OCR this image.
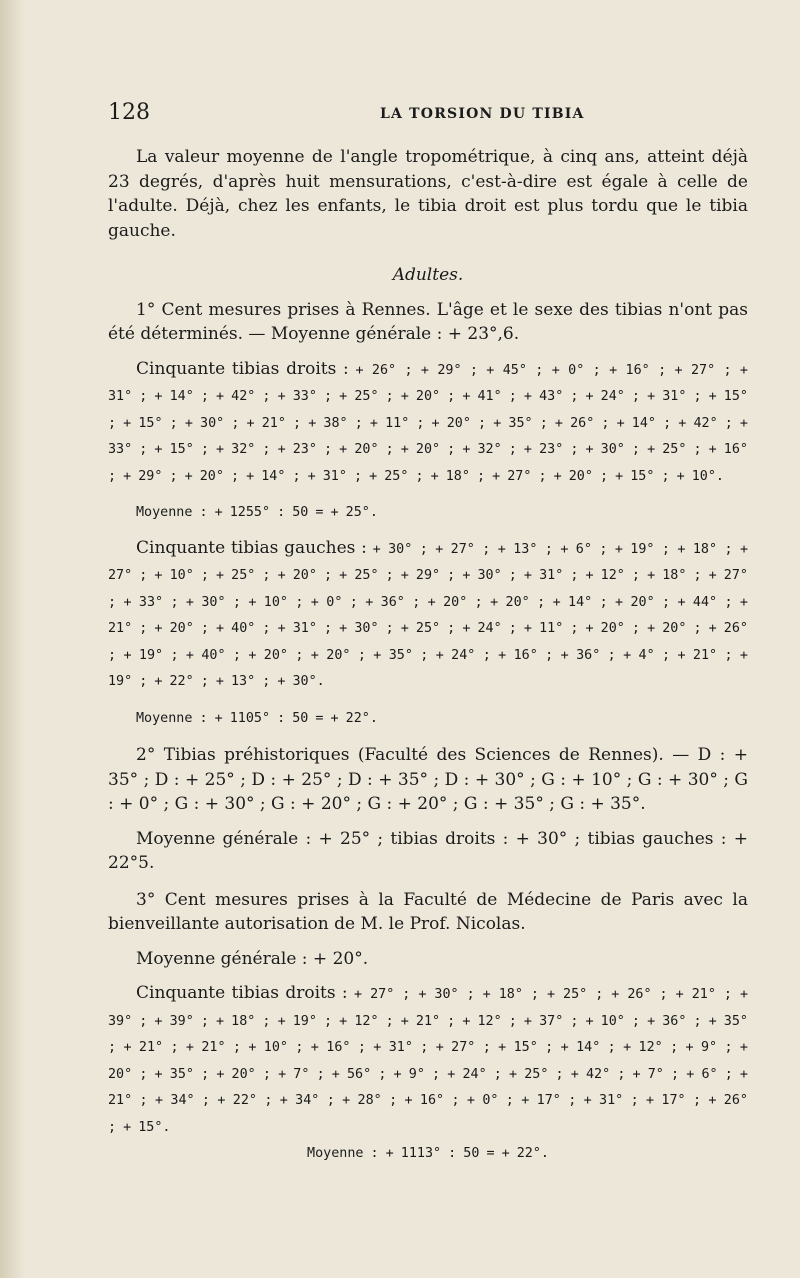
128	LA TORSION DU TIBIA

La valeur moyenne de l'angle tropométrique, à cinq ans, atteint déjà 23 degrés, d'après huit mensurations, c'est-à-dire est égale à celle de l'adulte. Déjà, chez les enfants, le tibia droit est plus tordu que le tibia gauche.

Adultes.

1° Cent mesures prises à Rennes. L'âge et le sexe des tibias n'ont pas été déterminés. — Moyenne générale : + 23°,6.

Cinquante tibias droits : + 26° ; + 29° ; + 45° ; + 0° ; + 16° ; + 27° ; + 31° ; + 14° ; + 42° ; + 33° ; + 25° ; + 20° ; + 41° ; + 43° ; + 24° ; + 31° ; + 15° ; + 15° ; + 30° ; + 21° ; + 38° ; + 11° ; + 20° ; + 35° ; + 26° ; + 14° ; + 42° ; + 33° ; + 15° ; + 32° ; + 23° ; + 20° ; + 20° ; + 32° ; + 23° ; + 30° ; + 25° ; + 16° ; + 29° ; + 20° ; + 14° ; + 31° ; + 25° ; + 18° ; + 27° ; + 20° ; + 15° ; + 10°.

Moyenne : + 1255° : 50 = + 25°.

Cinquante tibias gauches : + 30° ; + 27° ; + 13° ; + 6° ; + 19° ; + 18° ; + 27° ; + 10° ; + 25° ; + 20° ; + 25° ; + 29° ; + 30° ; + 31° ; + 12° ; + 18° ; + 27° ; + 33° ; + 30° ; + 10° ; + 0° ; + 36° ; + 20° ; + 20° ; + 14° ; + 20° ; + 44° ; + 21° ; + 20° ; + 40° ; + 31° ; + 30° ; + 25° ; + 24° ; + 11° ; + 20° ; + 20° ; + 26° ; + 19° ; + 40° ; + 20° ; + 20° ; + 35° ; + 24° ; + 16° ; + 36° ; + 4° ; + 21° ; + 19° ; + 22° ; + 13° ; + 30°.

Moyenne : + 1105° : 50 = + 22°.

2° Tibias préhistoriques (Faculté des Sciences de Rennes). — D : + 35° ; D : + 25° ; D : + 25° ; D : + 35° ; D : + 30° ; G : + 10° ; G : + 30° ; G : + 0° ; G : + 30° ; G : + 20° ; G : + 20° ; G : + 35° ; G : + 35°.

Moyenne générale : + 25° ; tibias droits : + 30° ; tibias gauches : + 22°5.

3° Cent mesures prises à la Faculté de Médecine de Paris avec la bienveillante autorisation de M. le Prof. Nicolas.

Moyenne générale : + 20°.

Cinquante tibias droits : + 27° ; + 30° ; + 18° ; + 25° ; + 26° ; + 21° ; + 39° ; + 39° ; + 18° ; + 19° ; + 12° ; + 21° ; + 12° ; + 37° ; + 10° ; + 36° ; + 35° ; + 21° ; + 21° ; + 10° ; + 16° ; + 31° ; + 27° ; + 15° ; + 14° ; + 12° ; + 9° ; + 20° ; + 35° ; + 20° ; + 7° ; + 56° ; + 9° ; + 24° ; + 25° ; + 42° ; + 7° ; + 6° ; + 21° ; + 34° ; + 22° ; + 34° ; + 28° ; + 16° ; + 0° ; + 17° ; + 31° ; + 17° ; + 26° ; + 15°.

Moyenne : + 1113° : 50 = + 22°.
